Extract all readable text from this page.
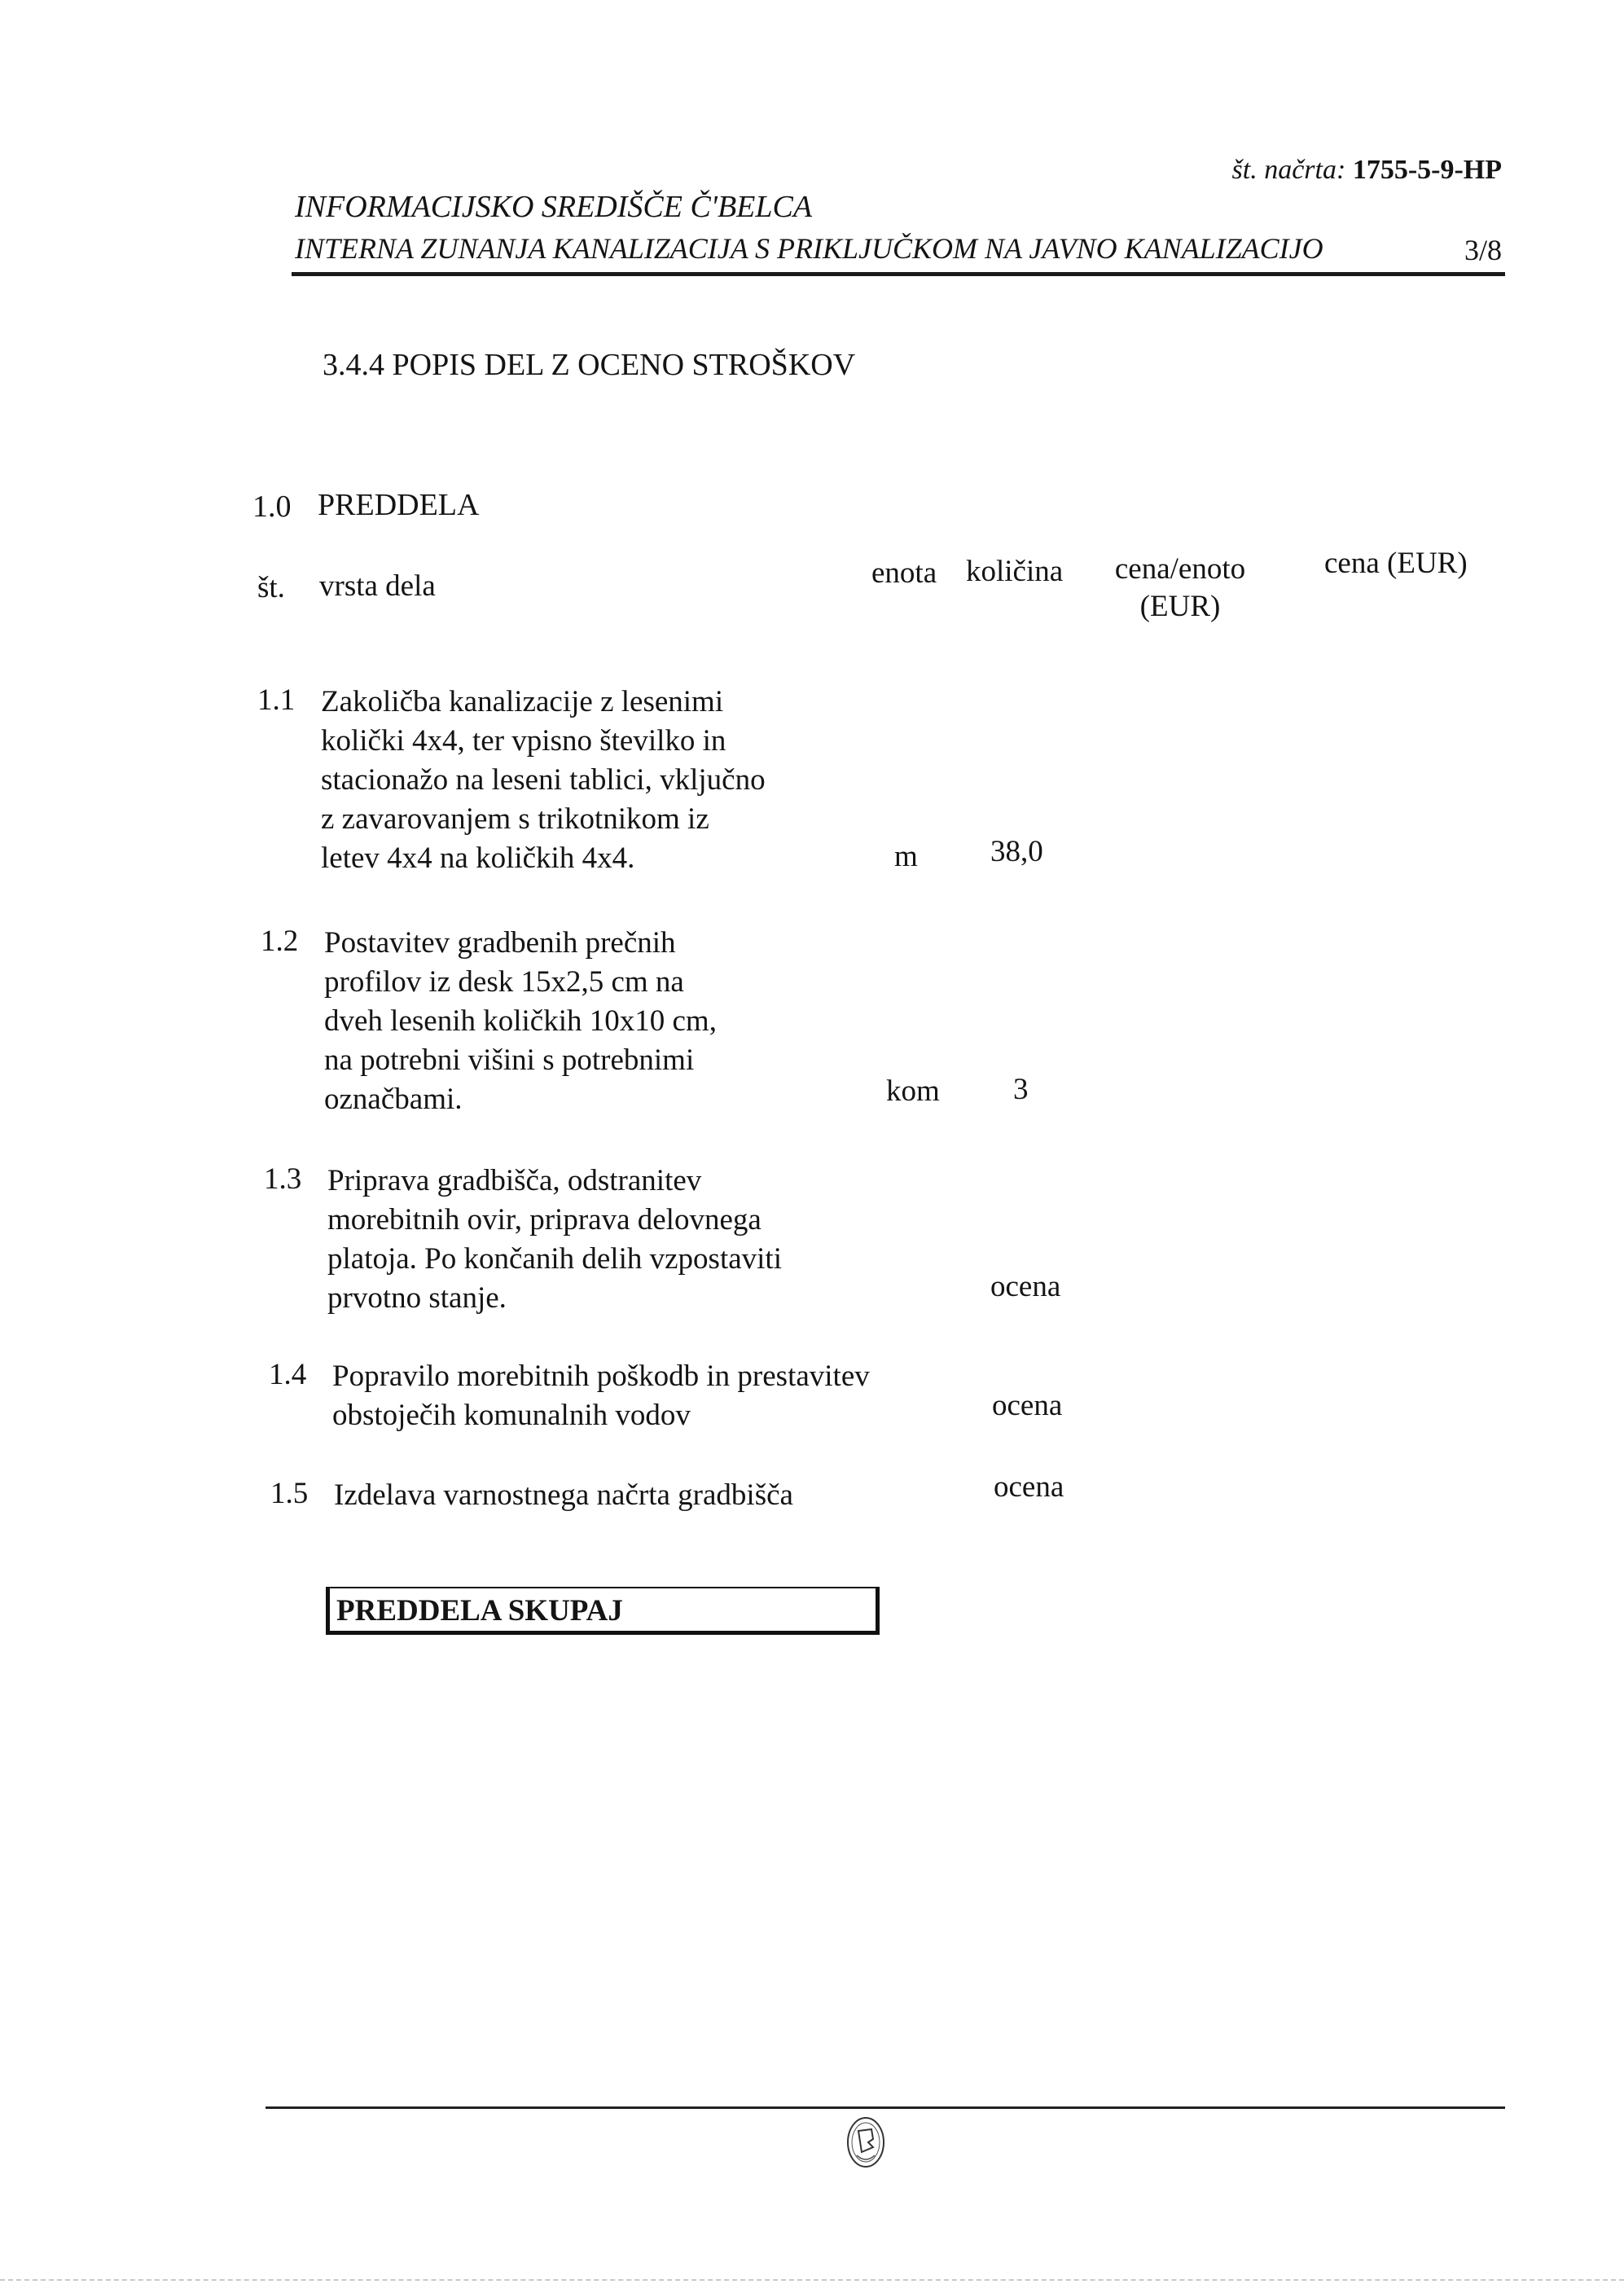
št. načrta: 1755-5-9-HP
INFORMACIJSKO SREDIŠČE Č'BELCA
INTERNA ZUNANJA KANALIZACIJA S PRIKLJUČKOM NA JAVNO KANALIZACIJO	3/8
3.4.4 POPIS DEL Z OCENO STROŠKOV
1.0 PREDDELA
št. vrsta dela	enota količina cena/enoto (EUR)
cena (EUR)
1.1 Zakoličba kanalizacije z lesenimi
količki 4x4, ter vpisno številko in
stacionažo na leseni tablici, vključno
z zavarovanjem s trikotnikom iz
letev 4x4 na količkih 4x4.	m 38,0
1.2 Postavitev gradbenih prečnih
profilov iz desk 15x2,5 cm na
dveh lesenih količkih 10x10 cm,
na potrebni višini s potrebnimi
označbami.	kom 3
1.3 Priprava gradbišča, odstranitev
morebitnih ovir, priprava delovnega
platoja. Po končanih delih vzpostaviti
prvotno stanje.	ocena
1.4 Popravilo morebitnih poškodb in prestavitev
obstoječih komunalnih vodov	ocena
1.5 Izdelava varnostnega načrta gradbišča	ocena
PREDDELA SKUPAJ
